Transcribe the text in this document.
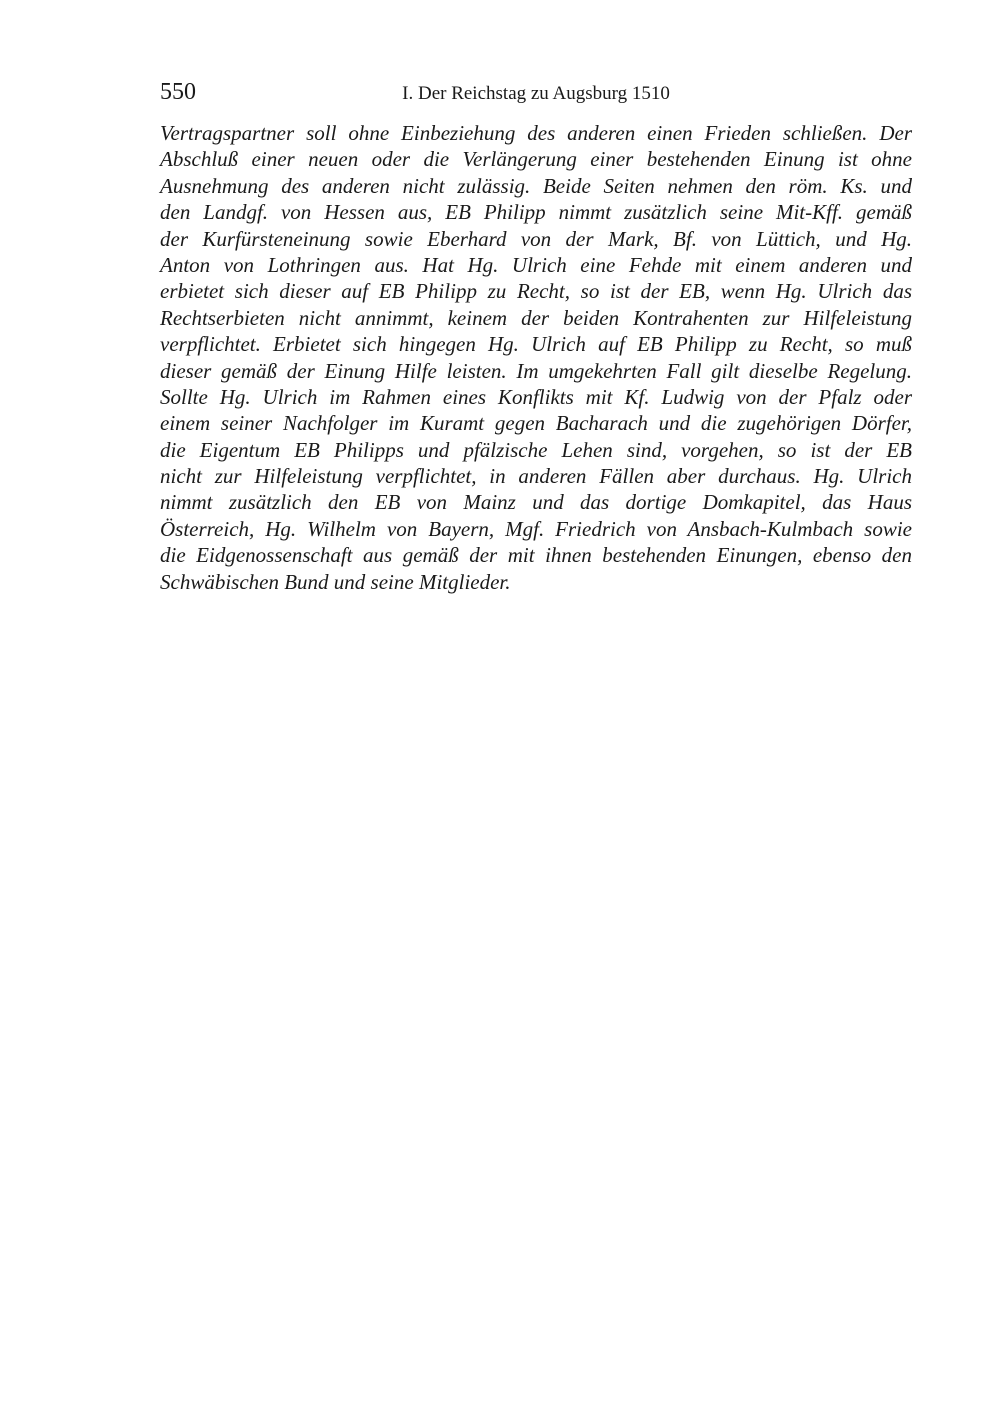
550	I. Der Reichstag zu Augsburg 1510

Vertragspartner soll ohne Einbeziehung des anderen einen Frieden schließen. Der
Abschluß einer neuen oder die Verlängerung einer bestehenden Einung ist ohne
Ausnehmung des anderen nicht zulässig. Beide Seiten nehmen den röm. Ks. und
den Landgf. von Hessen aus, EB Philipp nimmt zusätzlich seine Mit-Kff. gemäß
der Kurfürsteneinung sowie Eberhard von der Mark, Bf. von Lüttich, und Hg.
Anton von Lothringen aus. Hat Hg. Ulrich eine Fehde mit einem anderen und
erbietet sich dieser auf EB Philipp zu Recht, so ist der EB, wenn Hg. Ulrich das
Rechtserbieten nicht annimmt, keinem der beiden Kontrahenten zur Hilfeleistung
verpflichtet. Erbietet sich hingegen Hg. Ulrich auf EB Philipp zu Recht, so muß
dieser gemäß der Einung Hilfe leisten. Im umgekehrten Fall gilt dieselbe Regelung.
Sollte Hg. Ulrich im Rahmen eines Konflikts mit Kf. Ludwig von der Pfalz oder
einem seiner Nachfolger im Kuramt gegen Bacharach und die zugehörigen Dörfer,
die Eigentum EB Philipps und pfälzische Lehen sind, vorgehen, so ist der EB
nicht zur Hilfeleistung verpflichtet, in anderen Fällen aber durchaus. Hg. Ulrich
nimmt zusätzlich den EB von Mainz und das dortige Domkapitel, das Haus
Österreich, Hg. Wilhelm von Bayern, Mgf. Friedrich von Ansbach-Kulmbach sowie
die Eidgenossenschaft aus gemäß der mit ihnen bestehenden Einungen, ebenso den
Schwäbischen Bund und seine Mitglieder.
